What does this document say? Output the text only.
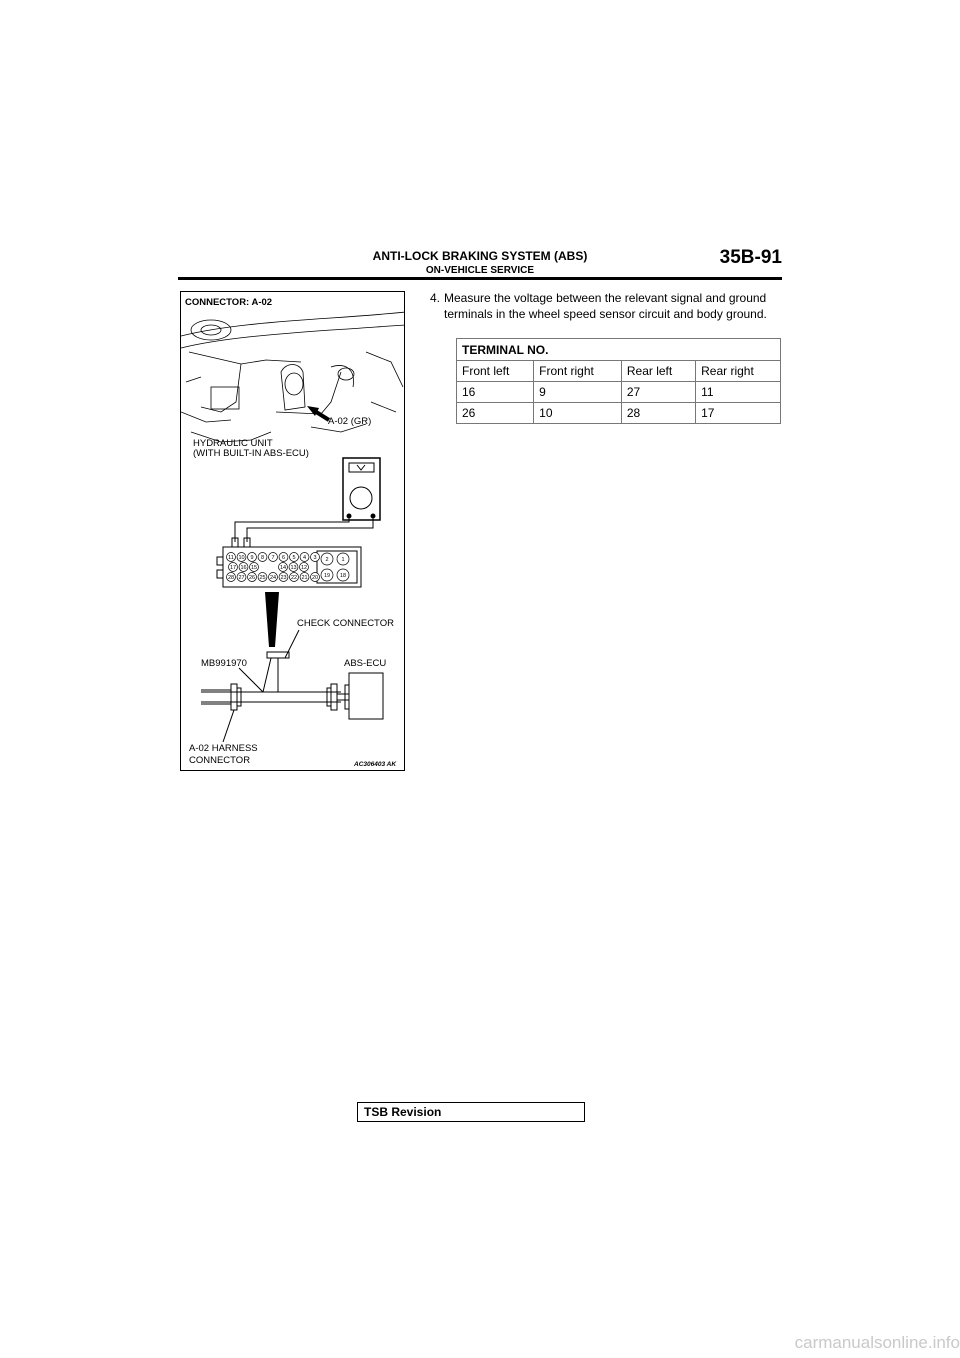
ANTI-LOCK BRAKING SYSTEM (ABS)
ON-VEHICLE SERVICE
35B-91
11 10 9 8 7 6 5 4 3
17 16 15	14 13 12
28 27 26 25 24 23 22 21 20
2 1
19 18
CONNECTOR: A-02
A-02 (GR)
HYDRAULIC UNIT
(WITH BUILT-IN ABS-ECU)
CHECK CONNECTOR
MB991970	ABS-ECU
A-02 HARNESS
CONNECTOR	AC306403 AK
4. Measure the voltage between the relevant signal and ground terminals in the wheel speed sensor circuit and body ground.
TERMINAL NO.			
Front left	Front right	Rear left	Rear right
16	9	27	11
26	10	28	17
TSB Revision
carmanualsonline.info
